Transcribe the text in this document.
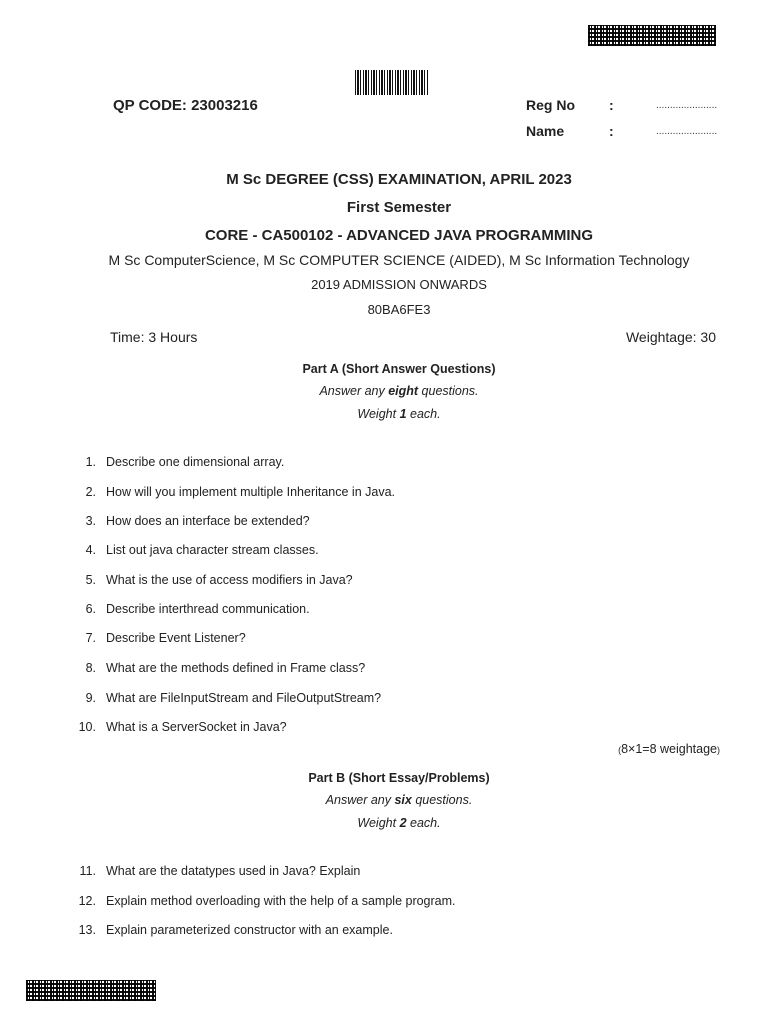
QP CODE: 23003216	Reg No :	......................
Name	:	......................
M Sc DEGREE (CSS) EXAMINATION, APRIL 2023
First Semester
CORE - CA500102 - ADVANCED JAVA PROGRAMMING
M Sc ComputerScience, M Sc COMPUTER SCIENCE (AIDED), M Sc Information Technology
2019 ADMISSION ONWARDS
80BA6FE3
Time: 3 Hours	Weightage: 30
Part A (Short Answer Questions)
Answer any eight questions.
Weight 1 each.
1. Describe one dimensional array.
2. How will you implement multiple Inheritance in Java.
3. How does an interface be extended?
4. List out java character stream classes.
5. What is the use of access modifiers in Java?
6. Describe interthread communication.
7. Describe Event Listener?
8. What are the methods defined in Frame class?
9. What are FileInputStream and FileOutputStream?
10. What is a ServerSocket in Java?
(8×1=8 weightage)
Part B (Short Essay/Problems)
Answer any six questions.
Weight 2 each.
11. What are the datatypes used in Java? Explain
12. Explain method overloading with the help of a sample program.
13. Explain parameterized constructor with an example.
